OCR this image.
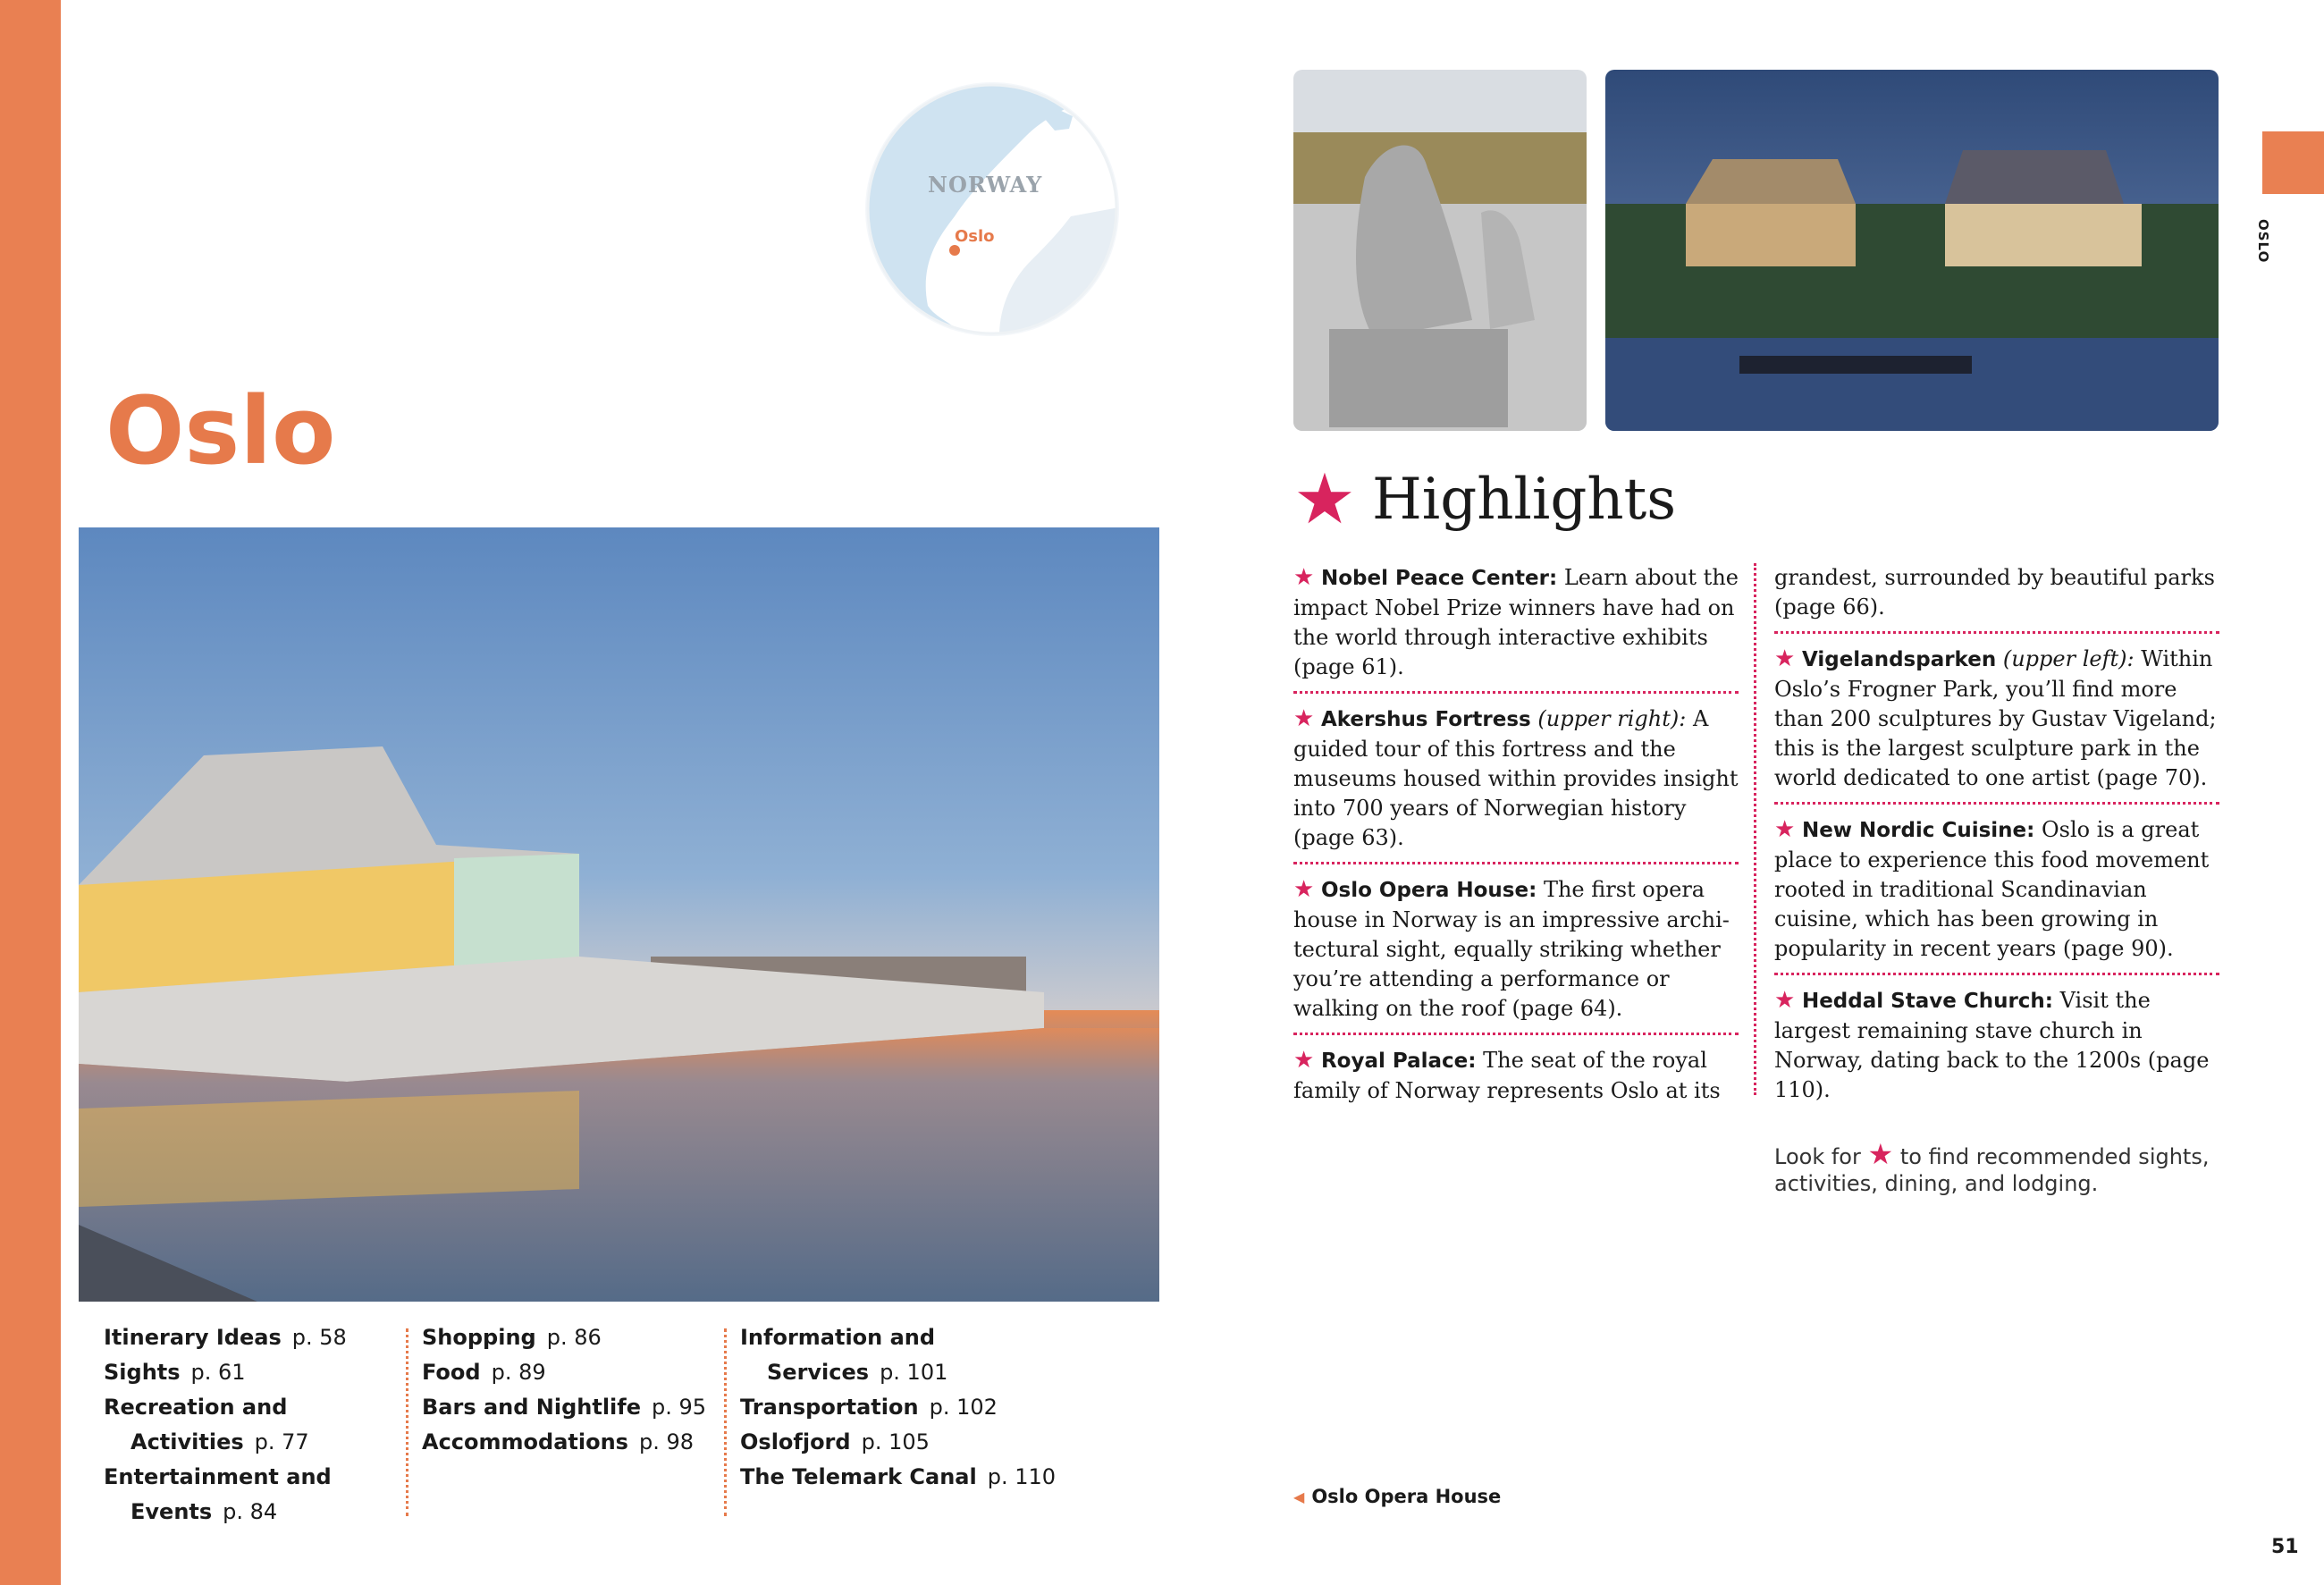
NORWAY
Oslo
Oslo
Itinerary Ideas p. 58
Sights p. 61
Recreation and
Activities p. 77
Entertainment and
Events p. 84
Shopping p. 86
Food p. 89
Bars and Nightlife p. 95
Accommodations p. 98
Information and
Services p. 101
Transportation p. 102
Oslofjord p. 105
The Telemark Canal p. 110
★ Highlights
★ Nobel Peace Center: Learn about the impact Nobel Prize winners have had on the world through interactive exhibits (page 61).
★ Akershus Fortress (upper right): A guided tour of this fortress and the museums housed within provides insight into 700 years of Norwegian history (page 63).
★ Oslo Opera House: The first opera house in Norway is an impressive architectural sight, equally striking whether you’re attending a performance or walking on the roof (page 64).
★ Royal Palace: The seat of the royal family of Norway represents Oslo at its
grandest, surrounded by beautiful parks (page 66).
★ Vigelandsparken (upper left): Within Oslo’s Frogner Park, you’ll find more than 200 sculptures by Gustav Vigeland; this is the largest sculpture park in the world dedicated to one artist (page 70).
★ New Nordic Cuisine: Oslo is a great place to experience this food movement rooted in traditional Scandinavian cuisine, which has been growing in popularity in recent years (page 90).
★ Heddal Stave Church: Visit the largest remaining stave church in Norway, dating back to the 1200s (page 110).
Look for ★ to find recommended sights, activities, dining, and lodging.
◀ Oslo Opera House
OSLO
51
